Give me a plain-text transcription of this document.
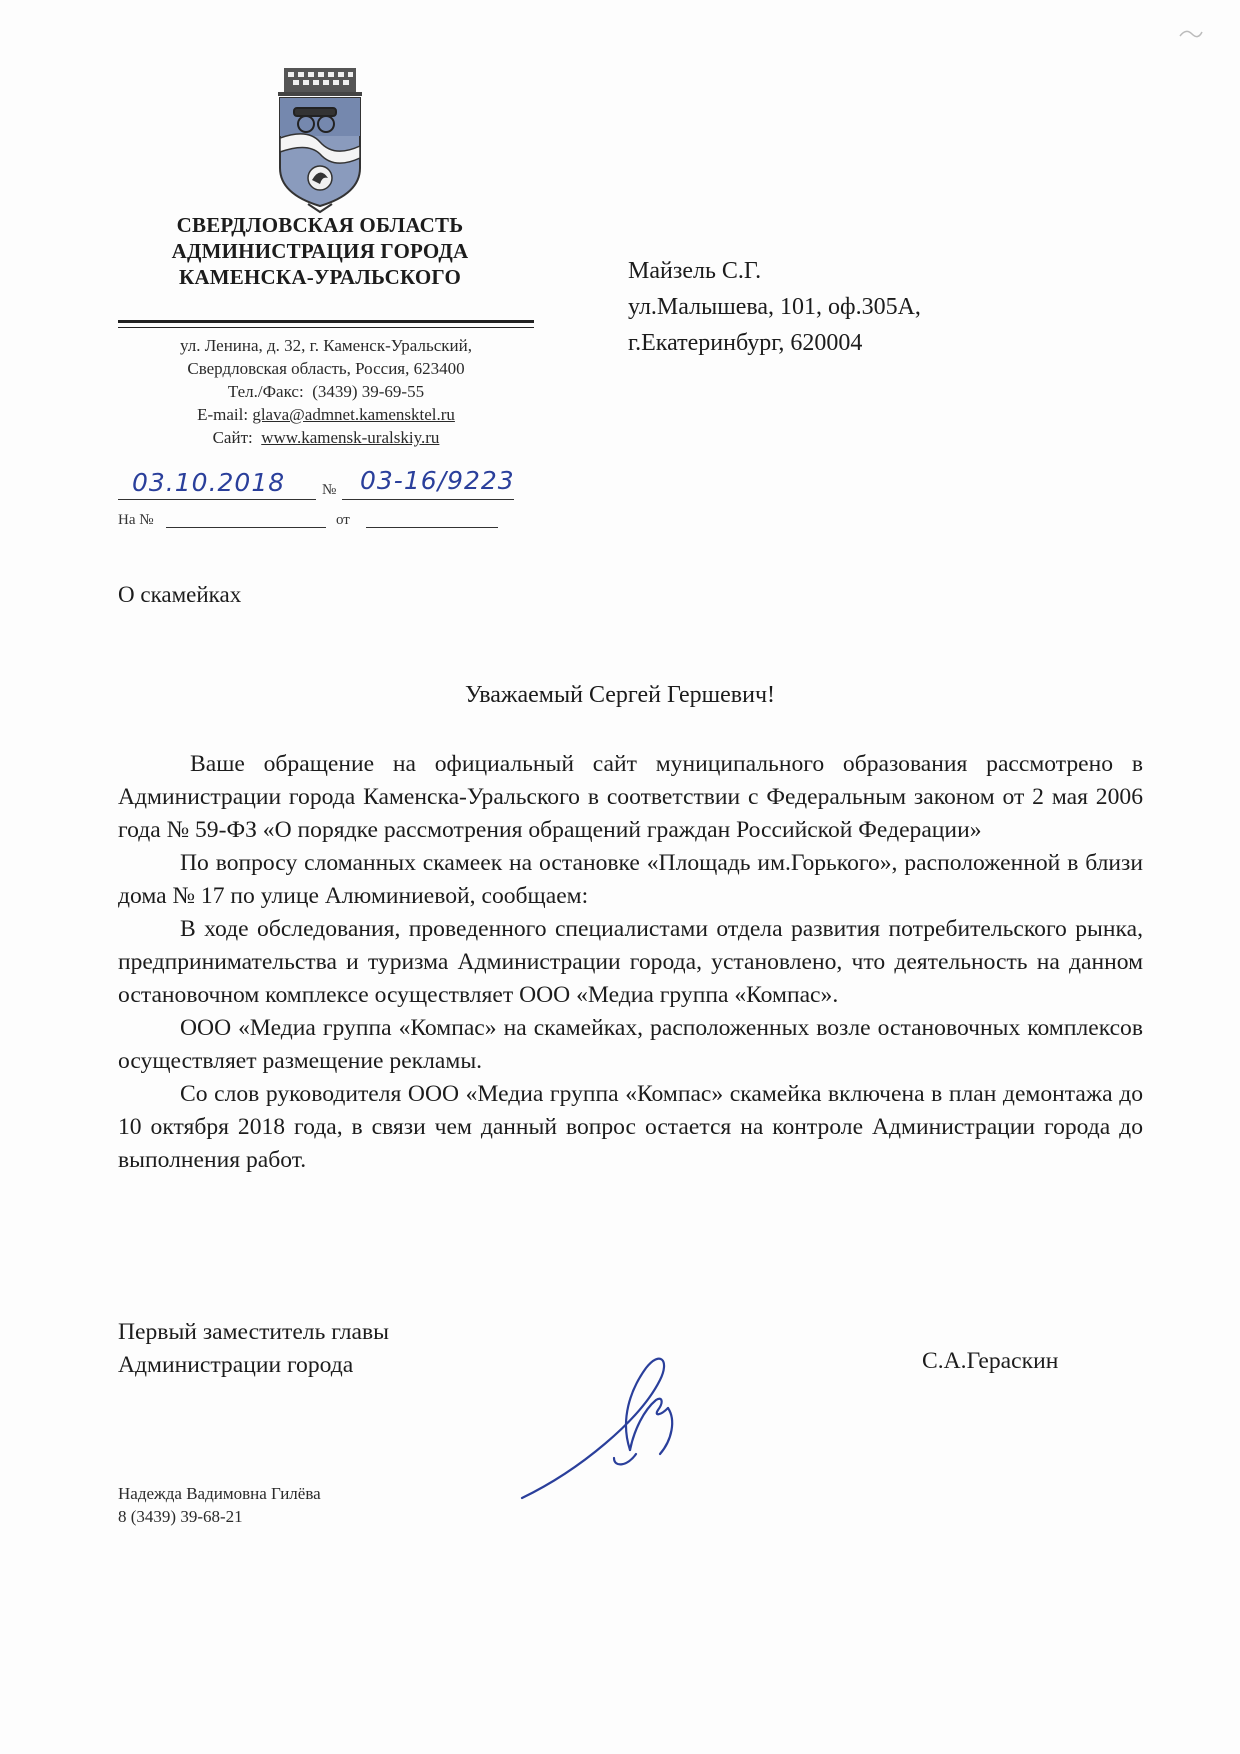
СВЕРДЛОВСКАЯ ОБЛАСТЬ
АДМИНИСТРАЦИЯ ГОРОДА
КАМЕНСКА-УРАЛЬСКОГО
ул. Ленина, д. 32, г. Каменск-Уральский,
Свердловская область, Россия, 623400
Тел./Факс: (3439) 39-69-55
E-mail: glava@admnet.kamensktel.ru
Сайт: www.kamensk-uralskiy.ru
03.10.2018 № 03-16/9223
На №	от
Майзель С.Г.
ул.Малышева, 101, оф.305А,
г.Екатеринбург, 620004
О скамейках
Уважаемый Сергей Гершевич!

Ваше обращение на официальный сайт муниципального образования рассмотрено в Администрации города Каменска-Уральского в соответствии с Федеральным законом от 2 мая 2006 года № 59-ФЗ «О порядке рассмотрения обращений граждан Российской Федерации»

По вопросу сломанных скамеек на остановке «Площадь им.Горького», расположенной в близи дома № 17 по улице Алюминиевой, сообщаем:

В ходе обследования, проведенного специалистами отдела развития потребительского рынка, предпринимательства и туризма Администрации города, установлено, что деятельность на данном остановочном комплексе осуществляет ООО «Медиа группа «Компас».

ООО «Медиа группа «Компас» на скамейках, расположенных возле остановочных комплексов осуществляет размещение рекламы.

Со слов руководителя ООО «Медиа группа «Компас» скамейка включена в план демонтажа до 10 октября 2018 года, в связи чем данный вопрос остается на контроле Администрации города до выполнения работ.

Первый заместитель главы
Администрации города	С.А.Гераскин
Надежда Вадимовна Гилёва
8 (3439) 39-68-21
